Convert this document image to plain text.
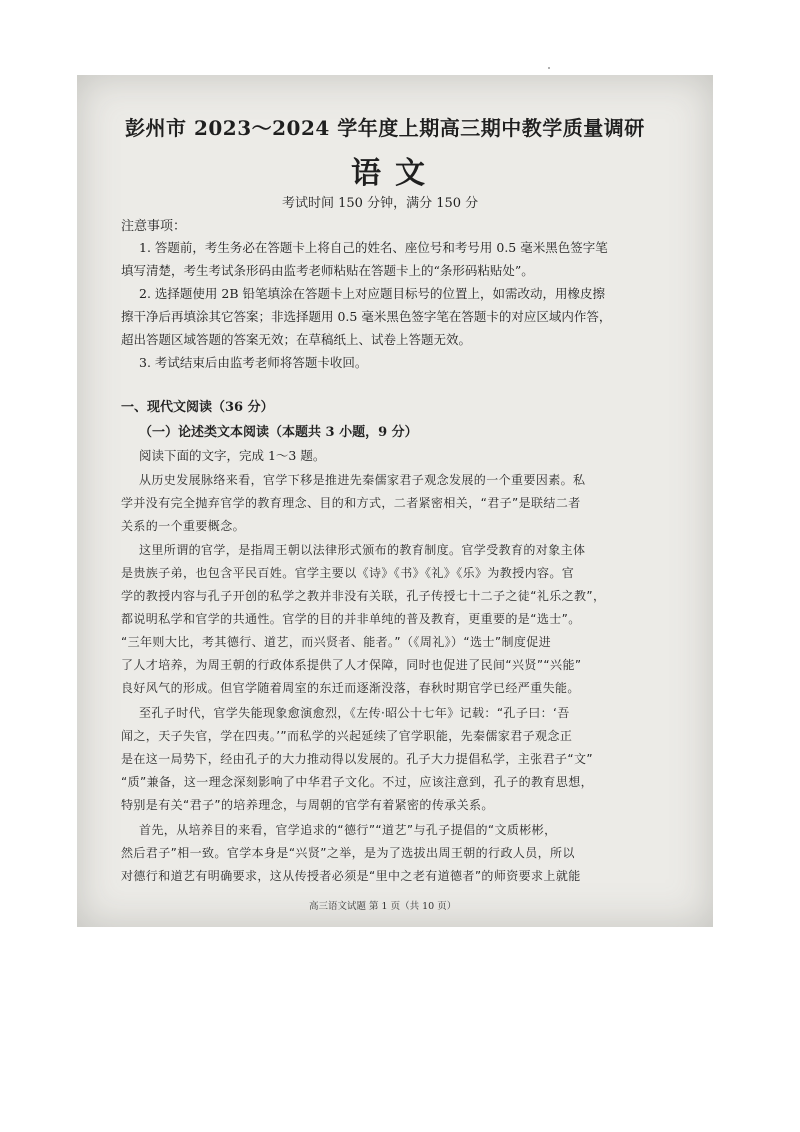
彭州市 2023～2024 学年度上期高三期中教学质量调研
语文
考试时间 150 分钟，满分 150 分
注意事项：
1. 答题前，考生务必在答题卡上将自己的姓名、座位号和考号用 0.5 毫米黑色签字笔
填写清楚，考生考试条形码由监考老师粘贴在答题卡上的“条形码粘贴处”。
2. 选择题使用 2B 铅笔填涂在答题卡上对应题目标号的位置上，如需改动，用橡皮擦
擦干净后再填涂其它答案；非选择题用 0.5 毫米黑色签字笔在答题卡的对应区域内作答，
超出答题区域答题的答案无效；在草稿纸上、试卷上答题无效。
3. 考试结束后由监考老师将答题卡收回。
一、现代文阅读（36 分）
（一）论述类文本阅读（本题共 3 小题，9 分）
阅读下面的文字，完成 1～3 题。
从历史发展脉络来看，官学下移是推进先秦儒家君子观念发展的一个重要因素。私
学并没有完全抛弃官学的教育理念、目的和方式，二者紧密相关，“君子”是联结二者
关系的一个重要概念。
这里所谓的官学，是指周王朝以法律形式颁布的教育制度。官学受教育的对象主体
是贵族子弟，也包含平民百姓。官学主要以《诗》《书》《礼》《乐》为教授内容。官
学的教授内容与孔子开创的私学之教并非没有关联，孔子传授七十二子之徒“礼乐之教”，
都说明私学和官学的共通性。官学的目的并非单纯的普及教育，更重要的是“选士”。
“三年则大比，考其德行、道艺，而兴贤者、能者。”（《周礼》）“选士”制度促进
了人才培养，为周王朝的行政体系提供了人才保障，同时也促进了民间“兴贤”“兴能”
良好风气的形成。但官学随着周室的东迁而逐渐没落，春秋时期官学已经严重失能。
至孔子时代，官学失能现象愈演愈烈，《左传·昭公十七年》记载：“孔子曰：‘吾
闻之，天子失官，学在四夷。’”而私学的兴起延续了官学职能，先秦儒家君子观念正
是在这一局势下，经由孔子的大力推动得以发展的。孔子大力提倡私学，主张君子“文”
“质”兼备，这一理念深刻影响了中华君子文化。不过，应该注意到，孔子的教育思想，
特别是有关“君子”的培养理念，与周朝的官学有着紧密的传承关系。
首先，从培养目的来看，官学追求的“德行”“道艺”与孔子提倡的“文质彬彬，
然后君子”相一致。官学本身是“兴贤”之举，是为了选拔出周王朝的行政人员，所以
对德行和道艺有明确要求，这从传授者必须是“里中之老有道德者”的师资要求上就能
高三语文试题 第 1 页（共 10 页）
